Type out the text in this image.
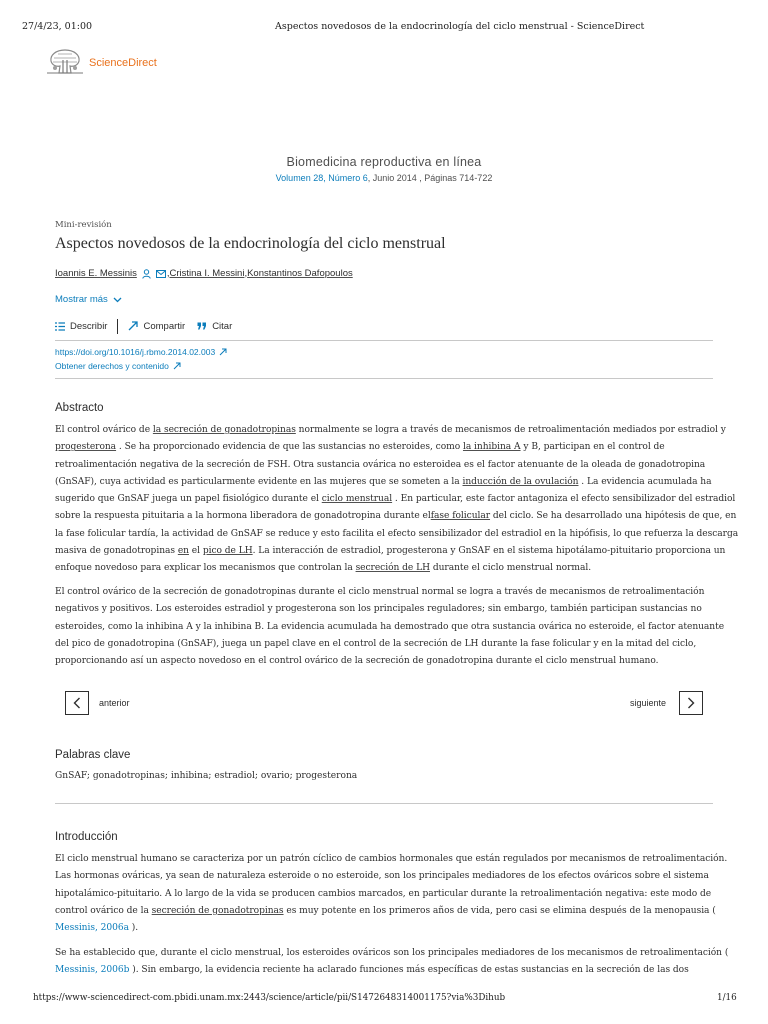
27/4/23, 01:00	Aspectos novedosos de la endocrinología del ciclo menstrual - ScienceDirect
ScienceDirect
Biomedicina reproductiva en línea
Volumen 28, Número 6, Junio 2014 , Páginas 714-722
Mini-revisión
Aspectos novedosos de la endocrinología del ciclo menstrual
Ioannis E. Messinis	, Cristina I. Messini , Konstantinos Dafopoulos
Mostrar más
Describir	Compartir	Citar
https://doi.org/10.1016/j.rbmo.2014.02.003
Obtener derechos y contenido
Abstracto
El control ovárico de la secreción de gonadotropinas normalmente se logra a través de mecanismos de retroalimentación mediados por estradiol y
progesterona . Se ha proporcionado evidencia de que las sustancias no esteroides, como la inhibina A y B, participan en el control de
retroalimentación negativa de la secreción de FSH. Otra sustancia ovárica no esteroidea es el factor atenuante de la oleada de gonadotropina
(GnSAF), cuya actividad es particularmente evidente en las mujeres que se someten a la inducción de la ovulación . La evidencia acumulada ha
sugerido que GnSAF juega un papel fisiológico durante el ciclo menstrual . En particular, este factor antagoniza el efecto sensibilizador del estradiol
sobre la respuesta pituitaria a la hormona liberadora de gonadotropina durante elfase folicular del ciclo. Se ha desarrollado una hipótesis de que, en
la fase folicular tardía, la actividad de GnSAF se reduce y esto facilita el efecto sensibilizador del estradiol en la hipófisis, lo que refuerza la descarga
masiva de gonadotropinas en el pico de LH. La interacción de estradiol, progesterona y GnSAF en el sistema hipotálamo-pituitario proporciona un
enfoque novedoso para explicar los mecanismos que controlan la secreción de LH durante el ciclo menstrual normal.
El control ovárico de la secreción de gonadotropinas durante el ciclo menstrual normal se logra a través de mecanismos de retroalimentación
negativos y positivos. Los esteroides estradiol y progesterona son los principales reguladores; sin embargo, también participan sustancias no
esteroides, como la inhibina A y la inhibina B. La evidencia acumulada ha demostrado que otra sustancia ovárica no esteroide, el factor atenuante
del pico de gonadotropina (GnSAF), juega un papel clave en el control de la secreción de LH durante la fase folicular y en la mitad del ciclo,
proporcionando así un aspecto novedoso en el control ovárico de la secreción de gonadotropina durante el ciclo menstrual humano.
anterior	siguiente
Palabras clave
GnSAF; gonadotropinas; inhibina; estradiol; ovario; progesterona
Introducción
El ciclo menstrual humano se caracteriza por un patrón cíclico de cambios hormonales que están regulados por mecanismos de retroalimentación.
Las hormonas ováricas, ya sean de naturaleza esteroide o no esteroide, son los principales mediadores de los efectos ováricos sobre el sistema
hipotalámico-pituitario. A lo largo de la vida se producen cambios marcados, en particular durante la retroalimentación negativa: este modo de
control ovárico de la secreción de gonadotropinas es muy potente en los primeros años de vida, pero casi se elimina después de la menopausia (
Messinis, 2006a ).
Se ha establecido que, durante el ciclo menstrual, los esteroides ováricos son los principales mediadores de los mecanismos de retroalimentación (
Messinis, 2006b ). Sin embargo, la evidencia reciente ha aclarado funciones más específicas de estas sustancias en la secreción de las dos
https://www-sciencedirect-com.pbidi.unam.mx:2443/science/article/pii/S1472648314001175?via%3Dihub	1/16
